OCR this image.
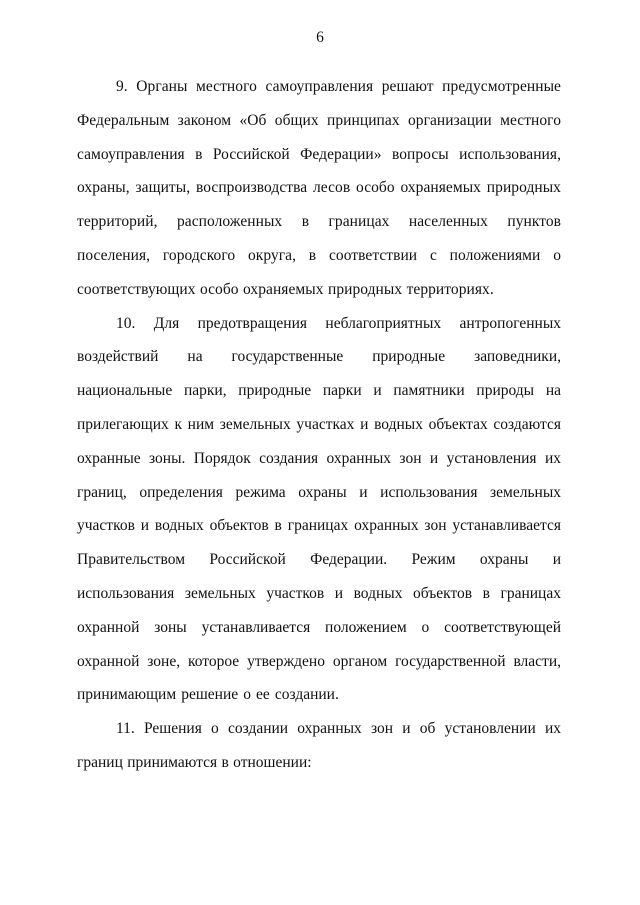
6

9. Органы местного самоуправления решают предусмотренные Федеральным законом «Об общих принципах организации местного самоуправления в Российской Федерации» вопросы использования, охраны, защиты, воспроизводства лесов особо охраняемых природных территорий, расположенных в границах населенных пунктов поселения, городского округа, в соответствии с положениями о соответствующих особо охраняемых природных территориях.

10. Для предотвращения неблагоприятных антропогенных воздействий на государственные природные заповедники, национальные парки, природные парки и памятники природы на прилегающих к ним земельных участках и водных объектах создаются охранные зоны. Порядок создания охранных зон и установления их границ, определения режима охраны и использования земельных участков и водных объектов в границах охранных зон устанавливается Правительством Российской Федерации. Режим охраны и использования земельных участков и водных объектов в границах охранной зоны устанавливается положением о соответствующей охранной зоне, которое утверждено органом государственной власти, принимающим решение о ее создании.

11. Решения о создании охранных зон и об установлении их границ принимаются в отношении:
